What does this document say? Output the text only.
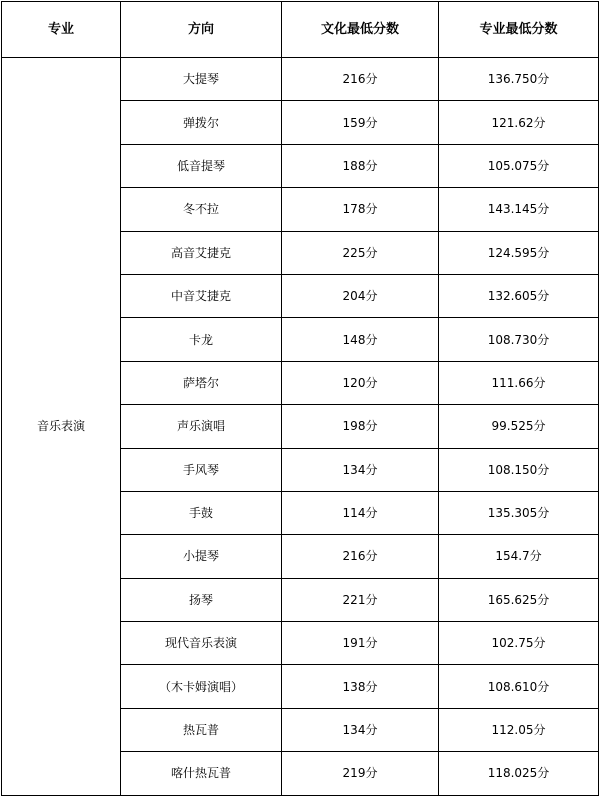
专业	方向	文化最低分数	专业最低分数
音乐表演	大提琴	216分	136.750分
	弹拨尔	159分	121.62分
	低音提琴	188分	105.075分
	冬不拉	178分	143.145分
	高音艾捷克	225分	124.595分
	中音艾捷克	204分	132.605分
	卡龙	148分	108.730分
	萨塔尔	120分	111.66分
	声乐演唱	198分	99.525分
	手风琴	134分	108.150分
	手鼓	114分	135.305分
	小提琴	216分	154.7分
	扬琴	221分	165.625分
	现代音乐表演	191分	102.75分
	（木卡姆演唱）	138分	108.610分
	热瓦普	134分	112.05分
	喀什热瓦普	219分	118.025分
